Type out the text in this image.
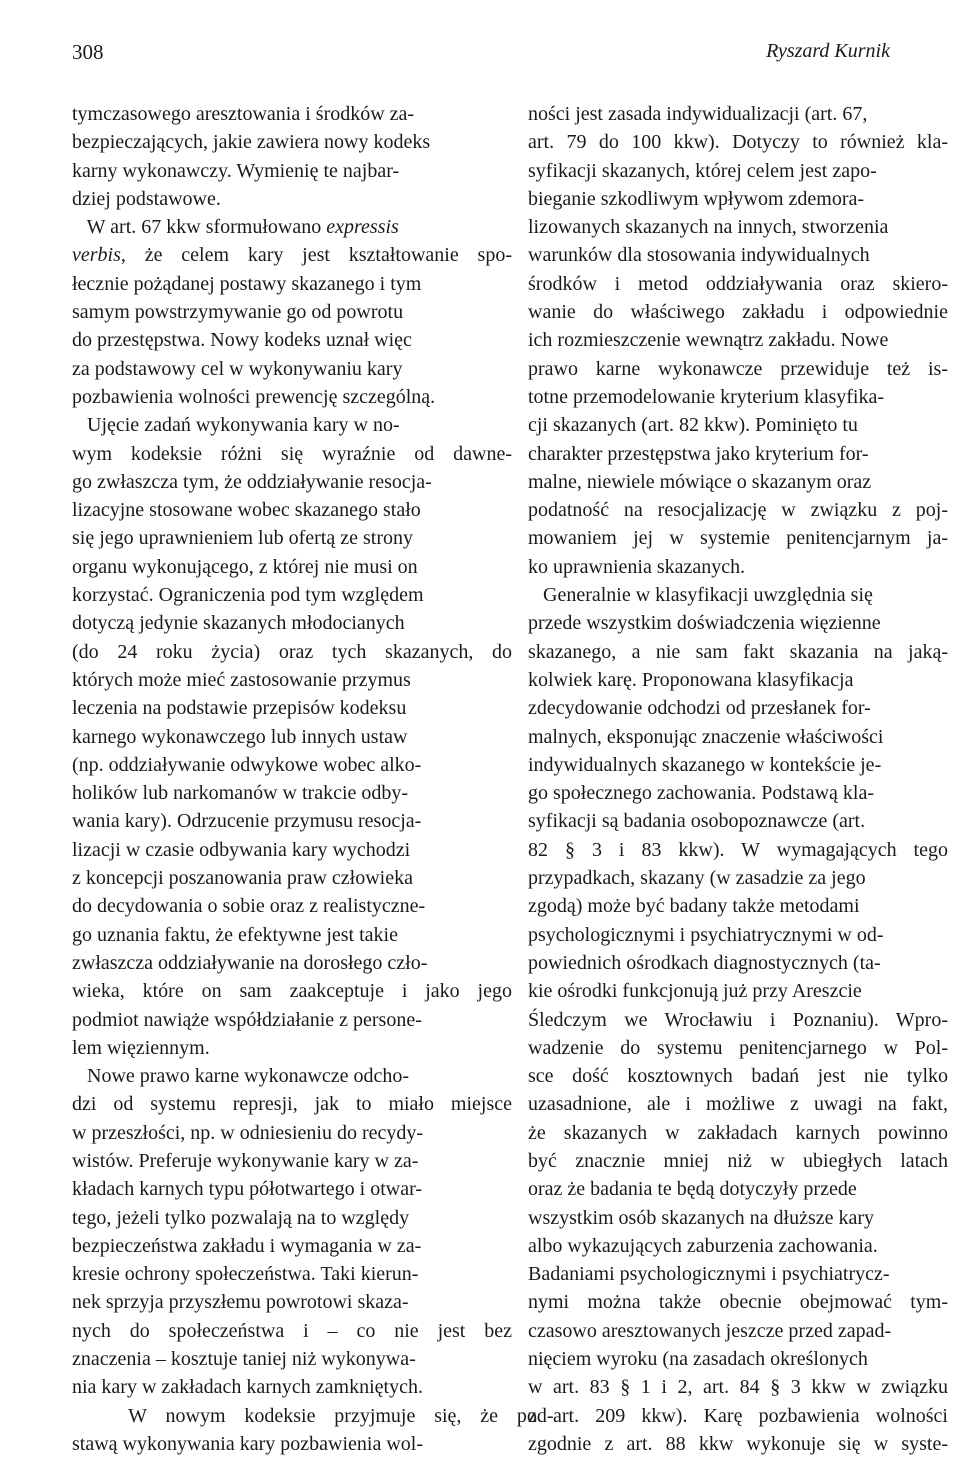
308	Ryszard Kurnik

tymczasowego aresztowania i środków za-

bezpieczających, jakie zawiera nowy kodeks

karny wykonawczy. Wymienię te najbar-

dziej podstawowe.

W art. 67 kkw sformułowano expressis

verbis, że celem kary jest kształtowanie spo-

łecznie pożądanej postawy skazanego i tym

samym powstrzymywanie go od powrotu

do przestępstwa. Nowy kodeks uznał więc

za podstawowy cel w wykonywaniu kary

pozbawienia wolności prewencję szczególną.

Ujęcie zadań wykonywania kary w no-

wym kodeksie różni się wyraźnie od dawne-

go zwłaszcza tym, że oddziaływanie resocja-

lizacyjne stosowane wobec skazanego stało

się jego uprawnieniem lub ofertą ze strony

organu wykonującego, z której nie musi on

korzystać. Ograniczenia pod tym względem

dotyczą jedynie skazanych młodocianych

(do 24 roku życia) oraz tych skazanych, do

których może mieć zastosowanie przymus

leczenia na podstawie przepisów kodeksu

karnego wykonawczego lub innych ustaw

(np. oddziaływanie odwykowe wobec alko-

holików lub narkomanów w trakcie odby-

wania kary). Odrzucenie przymusu resocja-

lizacji w czasie odbywania kary wychodzi

z koncepcji poszanowania praw człowieka

do decydowania o sobie oraz z realistyczne-

go uznania faktu, że efektywne jest takie

zwłaszcza oddziaływanie na dorosłego czło-

wieka, które on sam zaakceptuje i jako jego

podmiot nawiąże współdziałanie z persone-

lem więziennym.

Nowe prawo karne wykonawcze odcho-

dzi od systemu represji, jak to miało miejsce

w przeszłości, np. w odniesieniu do recydy-

wistów. Preferuje wykonywanie kary w za-

kładach karnych typu półotwartego i otwar-

tego, jeżeli tylko pozwalają na to względy

bezpieczeństwa zakładu i wymagania w za-

kresie ochrony społeczeństwa. Taki kierun-

nek sprzyja przyszłemu powrotowi skaza-

nych do społeczeństwa i – co nie jest bez

znaczenia – kosztuje taniej niż wykonywa-

nia kary w zakładach karnych zamkniętych.

W nowym kodeksie przyjmuje się, że pod-

stawą wykonywania kary pozbawienia wol-

ności jest zasada indywidualizacji (art. 67,

art. 79 do 100 kkw). Dotyczy to również kla-

syfikacji skazanych, której celem jest zapo-

bieganie szkodliwym wpływom zdemora-

lizowanych skazanych na innych, stworzenia

warunków dla stosowania indywidualnych

środków i metod oddziaływania oraz skiero-

wanie do właściwego zakładu i odpowiednie

ich rozmieszczenie wewnątrz zakładu. Nowe

prawo karne wykonawcze przewiduje też is-

totne przemodelowanie kryterium klasyfika-

cji skazanych (art. 82 kkw). Pominięto tu

charakter przestępstwa jako kryterium for-

malne, niewiele mówiące o skazanym oraz

podatność na resocjalizację w związku z poj-

mowaniem jej w systemie penitencjarnym ja-

ko uprawnienia skazanych.

Generalnie w klasyfikacji uwzględnia się

przede wszystkim doświadczenia więzienne

skazanego, a nie sam fakt skazania na jaką-

kolwiek karę. Proponowana klasyfikacja

zdecydowanie odchodzi od przesłanek for-

malnych, eksponując znaczenie właściwości

indywidualnych skazanego w kontekście je-

go społecznego zachowania. Podstawą kla-

syfikacji są badania osobopoznawcze (art.

82 § 3 i 83 kkw). W wymagających tego

przypadkach, skazany (w zasadzie za jego

zgodą) może być badany także metodami

psychologicznymi i psychiatrycznymi w od-

powiednich ośrodkach diagnostycznych (ta-

kie ośrodki funkcjonują już przy Areszcie

Śledczym we Wrocławiu i Poznaniu). Wpro-

wadzenie do systemu penitencjarnego w Pol-

sce dość kosztownych badań jest nie tylko

uzasadnione, ale i możliwe z uwagi na fakt,

że skazanych w zakładach karnych powinno

być znacznie mniej niż w ubiegłych latach

oraz że badania te będą dotyczyły przede

wszystkim osób skazanych na dłuższe kary

albo wykazujących zaburzenia zachowania.

Badaniami psychologicznymi i psychiatrycz-

nymi można także obecnie obejmować tym-

czasowo aresztowanych jeszcze przed zapad-

nięciem wyroku (na zasadach określonych

w art. 83 § 1 i 2, art. 84 § 3 kkw w związku

z art. 209 kkw). Karę pozbawienia wolności

zgodnie z art. 88 kkw wykonuje się w syste-
